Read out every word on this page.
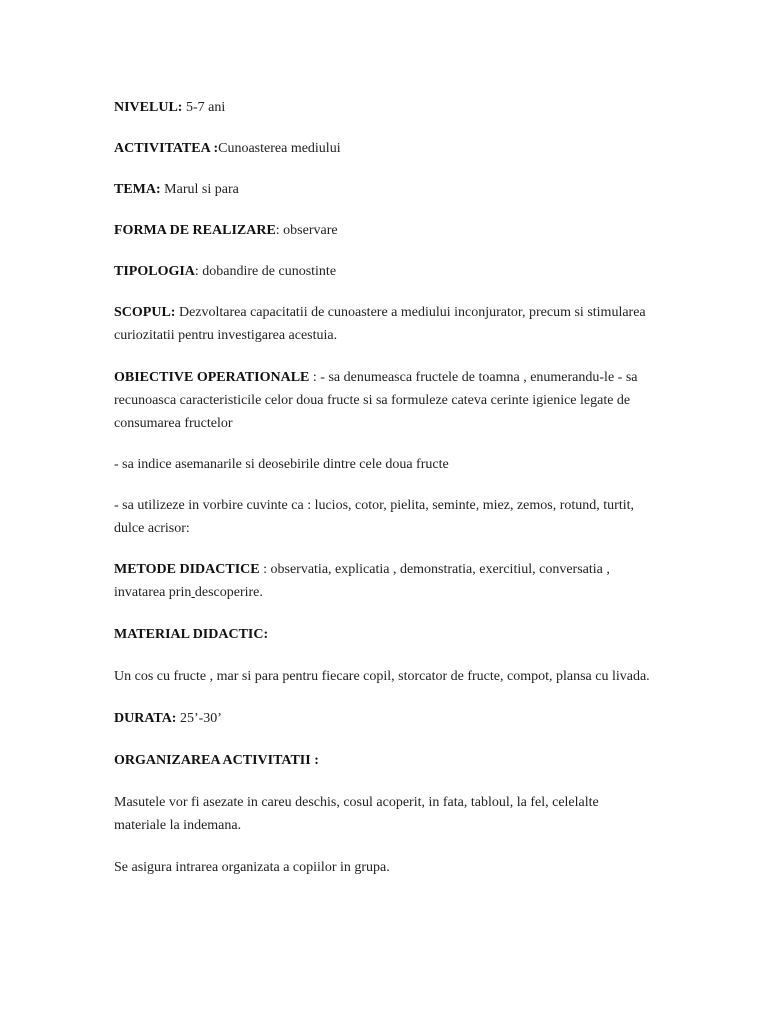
NIVELUL: 5-7 ani

ACTIVITATEA :Cunoasterea mediului

TEMA: Marul si para

FORMA DE REALIZARE: observare

TIPOLOGIA: dobandire de cunostinte

SCOPUL: Dezvoltarea capacitatii de cunoastere a mediului inconjurator, precum si stimularea curiozitatii pentru investigarea acestuia.

OBIECTIVE OPERATIONALE : - sa denumeasca fructele de toamna , enumerandu-le - sa recunoasca caracteristicile celor doua fructe si sa formuleze cateva cerinte igienice legate de consumarea fructelor

- sa indice asemanarile si deosebirile dintre cele doua fructe

- sa utilizeze in vorbire cuvinte ca : lucios, cotor, pielita, seminte, miez, zemos, rotund, turtit, dulce acrisor:

METODE DIDACTICE : observatia, explicatia , demonstratia, exercitiul, conversatia , invatarea prin descoperire.

MATERIAL DIDACTIC:

Un cos cu fructe , mar si para pentru fiecare copil, storcator de fructe, compot, plansa cu livada.

DURATA: 25’-30’

ORGANIZAREA ACTIVITATII :

Masutele vor fi asezate in careu deschis, cosul acoperit, in fata, tabloul, la fel, celelalte materiale la indemana.

Se asigura intrarea organizata a copiilor in grupa.
